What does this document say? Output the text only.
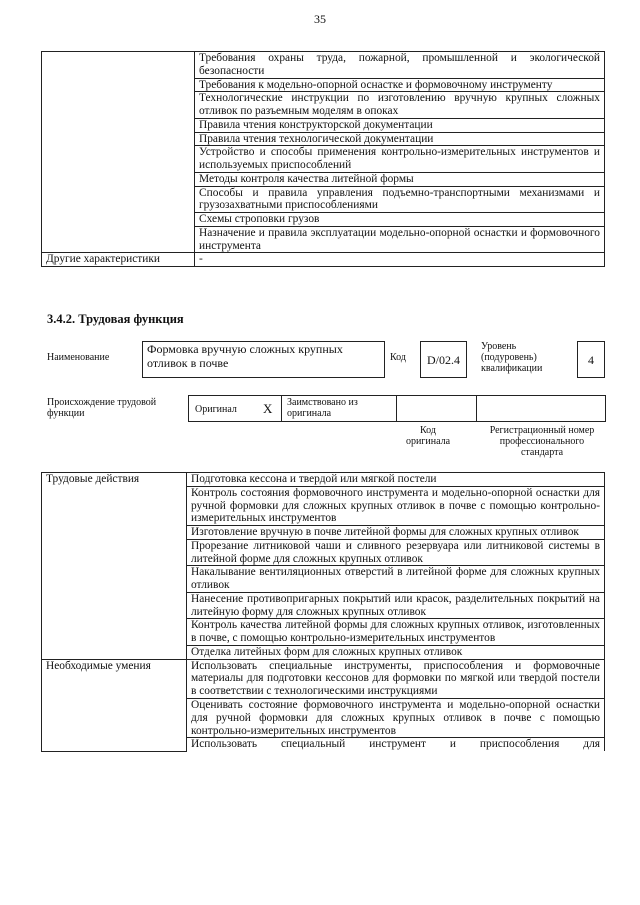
35
	Требования охраны труда, пожарной, промышленной и экологической безопасности
	Требования к модельно-опорной оснастке и формовочному инструменту
	Технологические инструкции по изготовлению вручную крупных сложных отливок по разъемным моделям в опоках
	Правила чтения конструкторской документации
	Правила чтения технологической документации
	Устройство и способы применения контрольно-измерительных инструментов и используемых приспособлений
	Методы контроля качества литейной формы
	Способы и правила управления подъемно-транспортными механизмами и грузозахватными приспособлениями
	Схемы строповки грузов
	Назначение и правила эксплуатации модельно-опорной оснастки и формовочного инструмента
Другие характеристики	-
3.4.2. Трудовая функция
Наименование
Формовка вручную сложных крупных отливок в почве	Код	D/02.4
Уровень (подуровень) квалификации
4
Происхождение трудовой функции	Оригинал X Заимствовано из оригинала
Код оригинала
Регистрационный номер профессионального стандарта
Трудовые действия	Подготовка кессона и твердой или мягкой постели
	Контроль состояния формовочного инструмента и модельно-опорной оснастки для ручной формовки для сложных крупных отливок в почве с помощью контрольно-измерительных инструментов
	Изготовление вручную в почве литейной формы для сложных крупных отливок
	Прорезание литниковой чаши и сливного резервуара или литниковой системы в литейной форме для сложных крупных отливок
	Накалывание вентиляционных отверстий в литейной форме для сложных крупных отливок
	Нанесение противопригарных покрытий или красок, разделительных покрытий на литейную форму для сложных крупных отливок
	Контроль качества литейной формы для сложных крупных отливок, изготовленных в почве, с помощью контрольно-измерительных инструментов
	Отделка литейных форм для сложных крупных отливок
Необходимые умения	Использовать специальные инструменты, приспособления и формовочные материалы для подготовки кессонов для формовки по мягкой или твердой постели в соответствии с технологическими инструкциями
	Оценивать состояние формовочного инструмента и модельно-опорной оснастки для ручной формовки для сложных крупных отливок в почве с помощью контрольно-измерительных инструментов
	Использовать специальный инструмент и приспособления для
